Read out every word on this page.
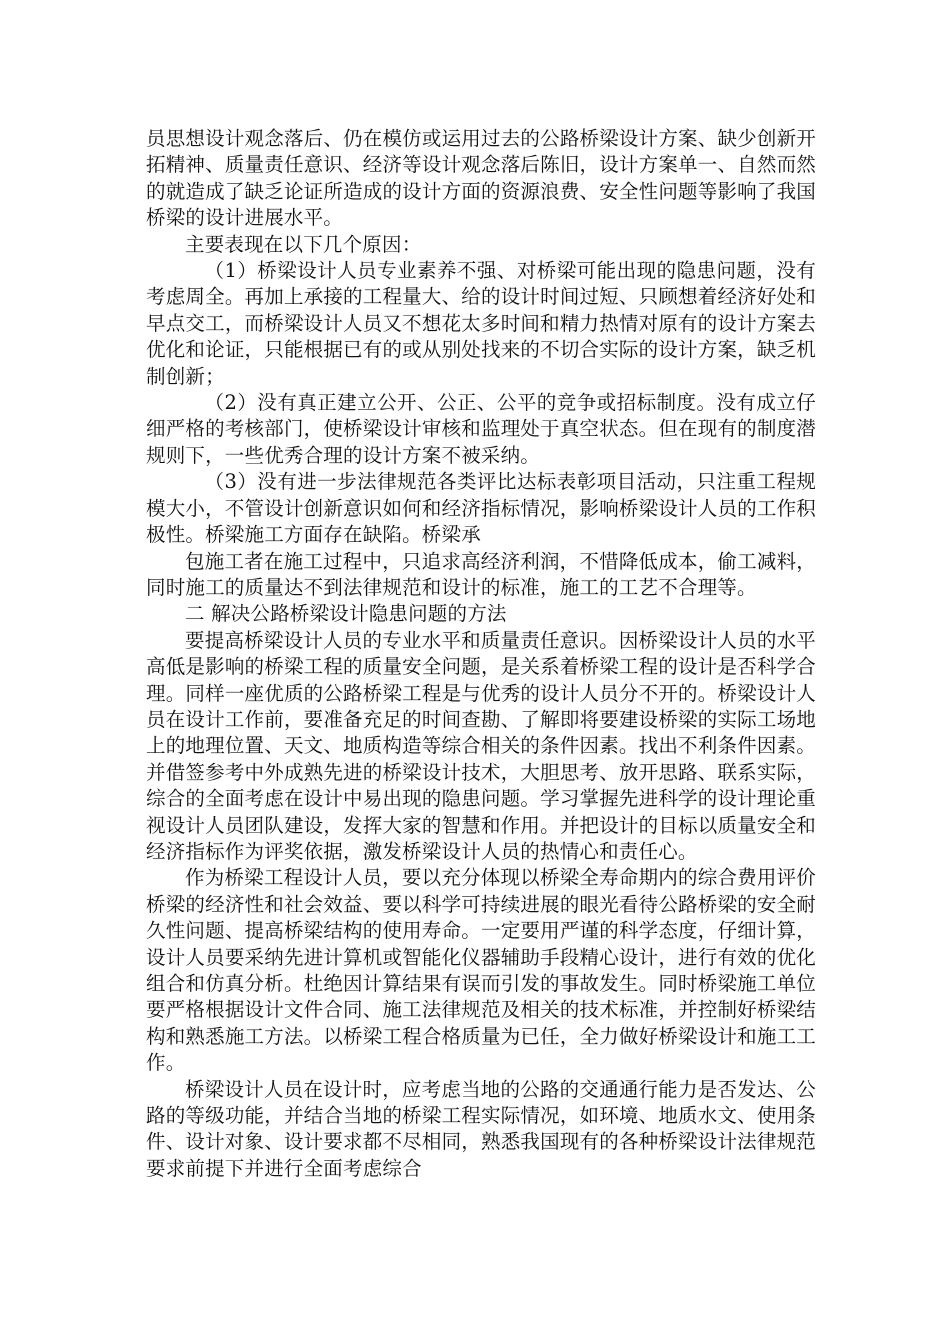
员思想设计观念落后、仍在模仿或运用过去的公路桥梁设计方案、缺少创新开拓精神、质量责任意识、经济等设计观念落后陈旧，设计方案单一、自然而然的就造成了缺乏论证所造成的设计方面的资源浪费、安全性问题等影响了我国桥梁的设计进展水平。

主要表现在以下几个原因：

（1）桥梁设计人员专业素养不强、对桥梁可能出现的隐患问题，没有考虑周全。再加上承接的工程量大、给的设计时间过短、只顾想着经济好处和早点交工，而桥梁设计人员又不想花太多时间和精力热情对原有的设计方案去优化和论证，只能根据已有的或从别处找来的不切合实际的设计方案，缺乏机制创新；

（2）没有真正建立公开、公正、公平的竞争或招标制度。没有成立仔细严格的考核部门，使桥梁设计审核和监理处于真空状态。但在现有的制度潜规则下，一些优秀合理的设计方案不被采纳。

（3）没有进一步法律规范各类评比达标表彰项目活动，只注重工程规模大小，不管设计创新意识如何和经济指标情况，影响桥梁设计人员的工作积极性。桥梁施工方面存在缺陷。桥梁承

包施工者在施工过程中，只追求高经济利润，不惜降低成本，偷工减料，同时施工的质量达不到法律规范和设计的标准，施工的工艺不合理等。

二 解决公路桥梁设计隐患问题的方法

要提高桥梁设计人员的专业水平和质量责任意识。因桥梁设计人员的水平高低是影响的桥梁工程的质量安全问题，是关系着桥梁工程的设计是否科学合理。同样一座优质的公路桥梁工程是与优秀的设计人员分不开的。桥梁设计人员在设计工作前，要准备充足的时间查勘、了解即将要建设桥梁的实际工场地上的地理位置、天文、地质构造等综合相关的条件因素。找出不利条件因素。并借签参考中外成熟先进的桥梁设计技术，大胆思考、放开思路、联系实际，综合的全面考虑在设计中易出现的隐患问题。学习掌握先进科学的设计理论重视设计人员团队建设，发挥大家的智慧和作用。并把设计的目标以质量安全和经济指标作为评奖依据，激发桥梁设计人员的热情心和责任心。

作为桥梁工程设计人员，要以充分体现以桥梁全寿命期内的综合费用评价桥梁的经济性和社会效益、要以科学可持续进展的眼光看待公路桥梁的安全耐久性问题、提高桥梁结构的使用寿命。一定要用严谨的科学态度，仔细计算，设计人员要采纳先进计算机或智能化仪器辅助手段精心设计，进行有效的优化组合和仿真分析。杜绝因计算结果有误而引发的事故发生。同时桥梁施工单位要严格根据设计文件合同、施工法律规范及相关的技术标准，并控制好桥梁结构和熟悉施工方法。以桥梁工程合格质量为已任，全力做好桥梁设计和施工工作。

桥梁设计人员在设计时，应考虑当地的公路的交通通行能力是否发达、公路的等级功能，并结合当地的桥梁工程实际情况，如环境、地质水文、使用条件、设计对象、设计要求都不尽相同，熟悉我国现有的各种桥梁设计法律规范要求前提下并进行全面考虑综合
